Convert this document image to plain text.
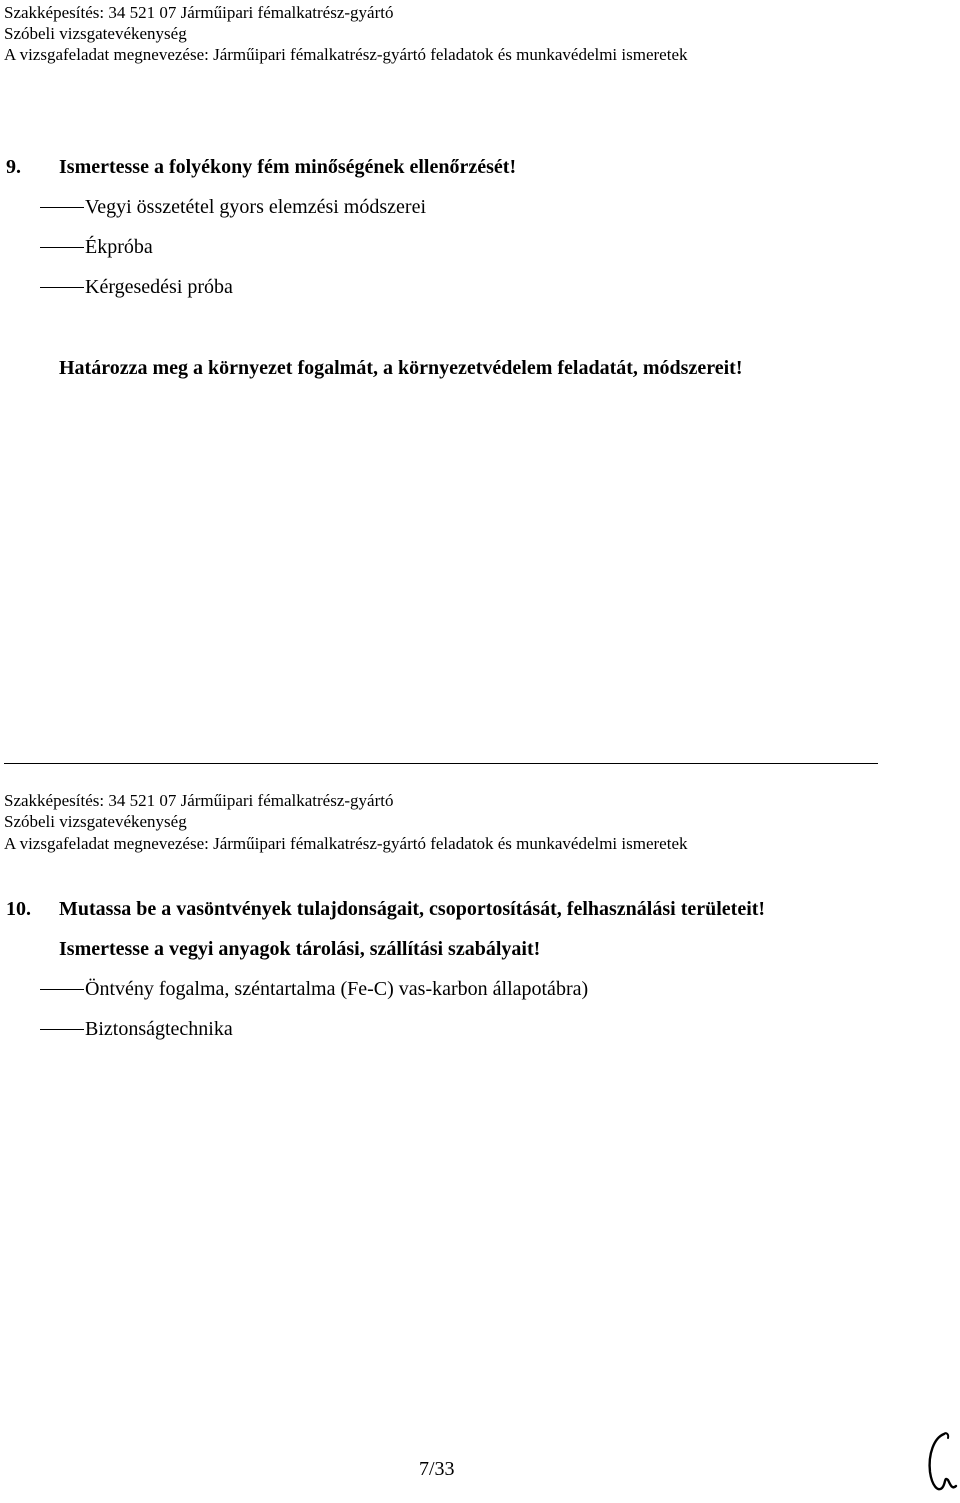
Szakképesítés: 34 521 07 Járműipari fémalkatrész-gyártó
Szóbeli vizsgatevékenység
A vizsgafeladat megnevezése: Járműipari fémalkatrész-gyártó feladatok és munkavédelmi ismeretek
9. Ismertesse a folyékony fém minőségének ellenőrzését!
Vegyi összetétel gyors elemzési módszerei
Ékpróba
Kérgesedési próba
Határozza meg a környezet fogalmát, a környezetvédelem feladatát, módszereit!
Szakképesítés: 34 521 07 Járműipari fémalkatrész-gyártó
Szóbeli vizsgatevékenység
A vizsgafeladat megnevezése: Járműipari fémalkatrész-gyártó feladatok és munkavédelmi ismeretek
10. Mutassa be a vasöntvények tulajdonságait, csoportosítását, felhasználási területeit!
Ismertesse a vegyi anyagok tárolási, szállítási szabályait!
Öntvény fogalma, széntartalma (Fe-C) vas-karbon állapotábra)
Biztonságtechnika
7/33
